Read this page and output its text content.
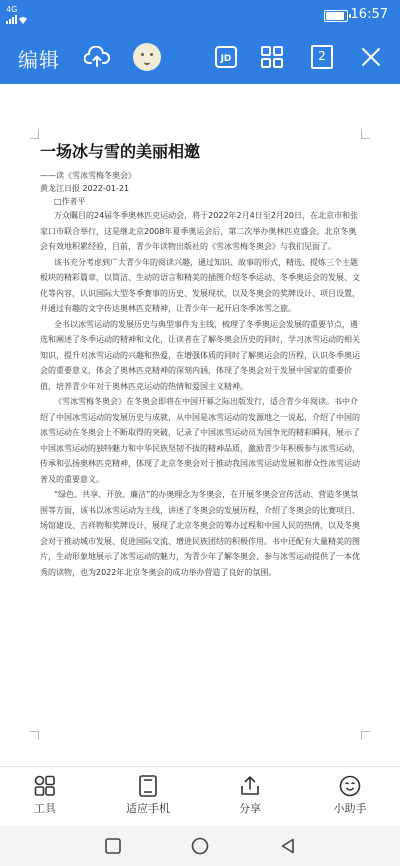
4G	16:57
编辑	JD	2
一场冰与雪的美丽相邀
——读《雪冰雪梅冬奥会》
黄龙江日报 2022-01-21
□作者平

万众瞩目的24届冬季奥林匹克运动会，将于2022年2月4日至2月20日，在北京市和张家口市联合举行，这是继北京2008年夏季奥运会后，第二次举办奥林匹克盛会。北京冬奥会有效地积累经验，目前，青少年读物出版社的《雪冰雪梅冬奥会》与我们见面了。

该书充分考虑到广大青少年的阅读兴趣，通过知识、故事的形式，精选、提炼三个主题板块的精彩篇章，以简洁、生动的语言和精美的插图介绍冬季运动、冬季奥运会的发展、文化等内容，认识国际大型冬季赛事的历史、发展现状，以及冬奥会的奖牌设计、项目设置，并通过有趣的文字传达奥林匹克精神，让青少年一起开启冬季冰雪之旅。

全书以冰雪运动的发展历史与典型事件为主线，梳理了冬季奥运会发展的重要节点，遴选和阐述了冬季运动的精神和文化，让读者在了解冬奥会历史的同时，学习冰雪运动的相关知识，提升对冰雪运动的兴趣和热爱，在增强体质的同时了解奥运会的历程，认识冬季奥运会的重要意义，体会了奥林匹克精神的深刻内涵，体现了冬奥会对于发展中国家的重要价值，培养青少年对于奥林匹克运动的热情和爱国主义精神。

《雪冰雪梅冬奥会》在冬奥会即将在中国开幕之际出版发行，适合青少年阅读。书中介绍了中国冰雪运动的发展历史与成就，从中国是冰雪运动的发源地之一说起，介绍了中国的冰雪运动在冬奥会上不断取得的突破，记录了中国冰雪运动员为国争光的精彩瞬间，展示了中国冰雪运动的独特魅力和中华民族坚韧不拔的精神品质，激励青少年积极参与冰雪运动，传承和弘扬奥林匹克精神，体现了北京冬奥会对于推动我国冰雪运动发展和群众性冰雪运动普及的重要意义。

“绿色、共享、开放、廉洁”的办奥理念为冬奥会，在开展冬奥会宣传活动、营造冬奥氛围等方面，该书以冰雪运动为主线，讲述了冬奥会的发展历程，介绍了冬奥会的比赛项目、场馆建设、吉祥物和奖牌设计，展现了北京冬奥会的筹办过程和中国人民的热情，以及冬奥会对于推动城市发展、促进国际交流、增进民族团结的积极作用。书中还配有大量精美的图片，生动形象地展示了冰雪运动的魅力，为青少年了解冬奥会、参与冰雪运动提供了一本优秀的读物，也为2022年北京冬奥会的成功举办营造了良好的氛围。

工具	适应手机	分享	小助手
